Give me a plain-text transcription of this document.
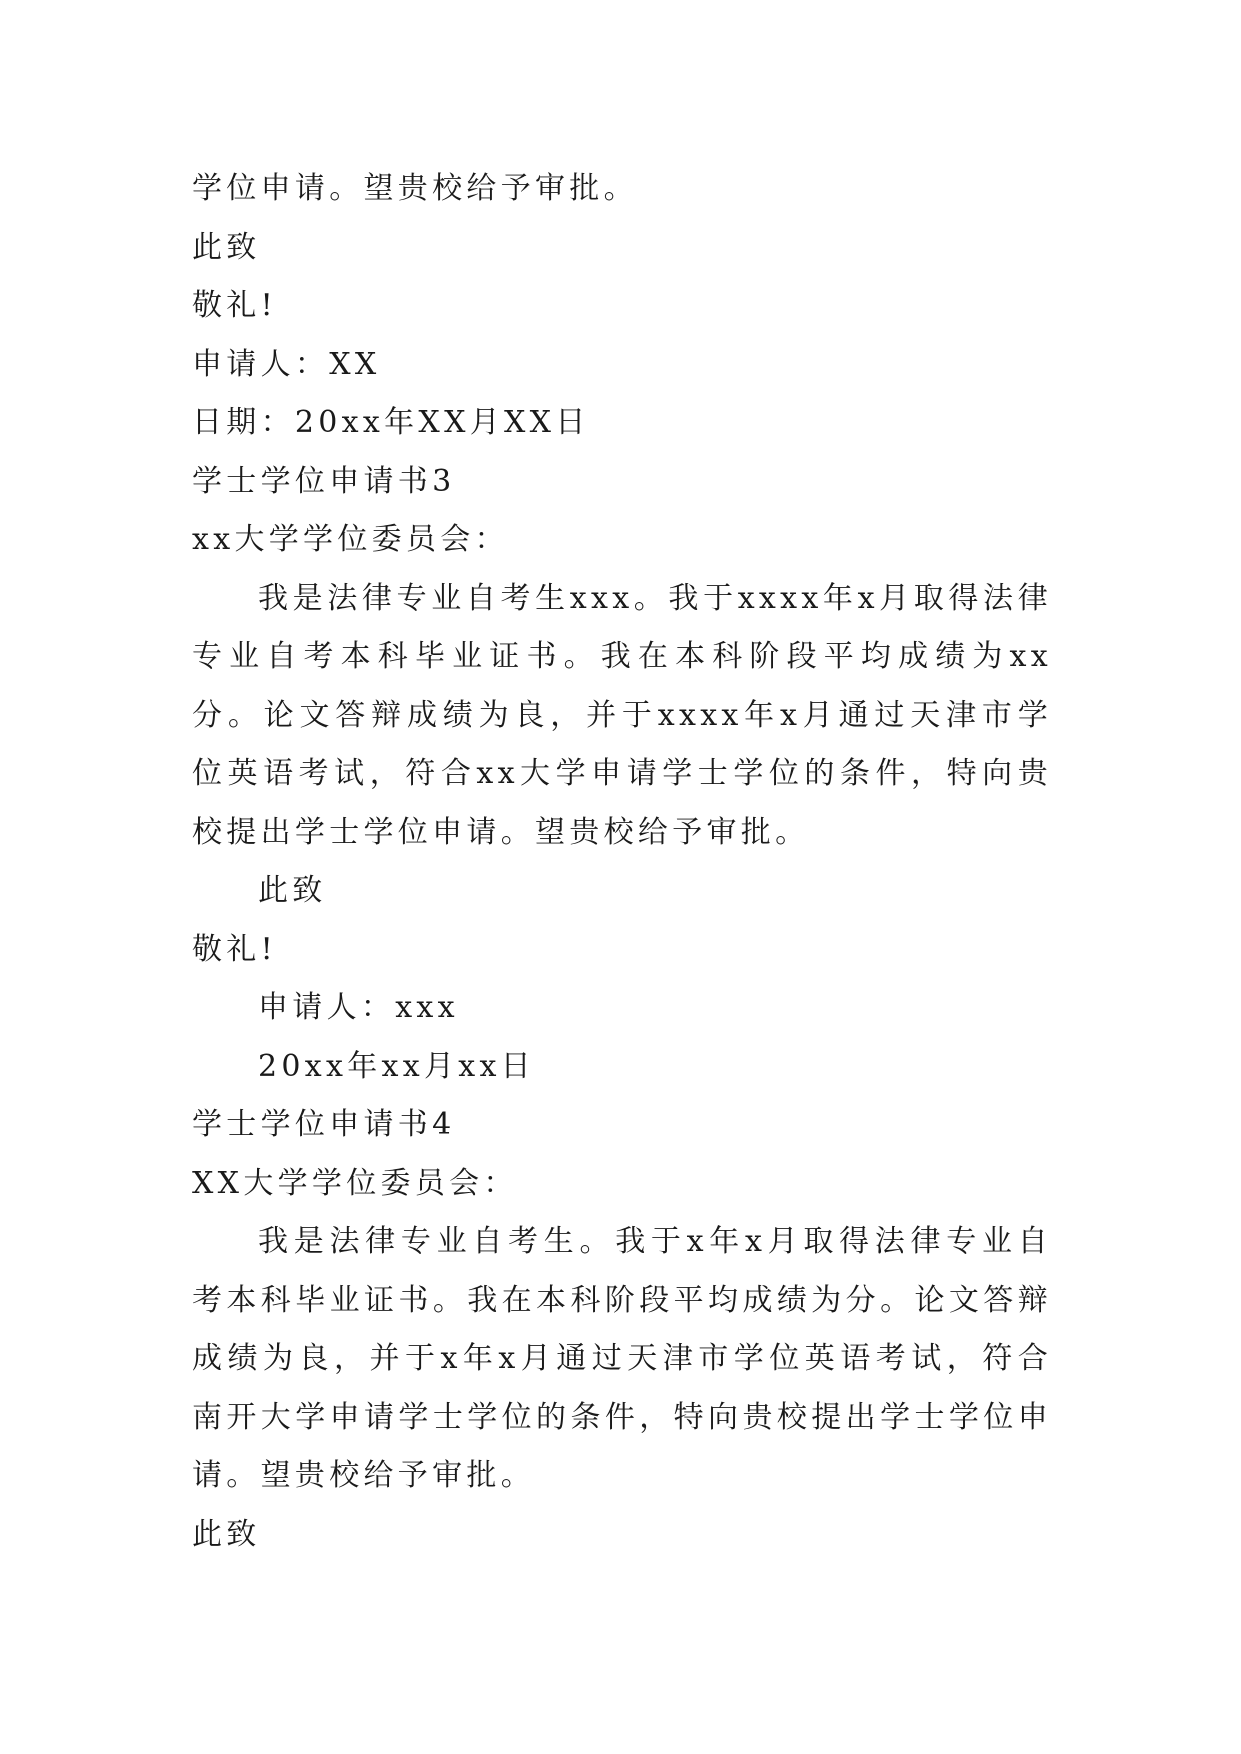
学位申请。望贵校给予审批。
此致
敬礼!
申请人：XX
日期：20xx年XX月XX日
学士学位申请书3
xx大学学位委员会：

我是法律专业自考生xxx。我于xxxx年x月取得法律专业自考本科毕业证书。我在本科阶段平均成绩为xx分。论文答辩成绩为良，并于xxxx年x月通过天津市学位英语考试，符合xx大学申请学士学位的条件，特向贵校提出学士学位申请。望贵校给予审批。

此致
敬礼!
申请人：xxx
20xx年xx月xx日
学士学位申请书4
XX大学学位委员会：

我是法律专业自考生。我于x年x月取得法律专业自考本科毕业证书。我在本科阶段平均成绩为分。论文答辩成绩为良，并于x年x月通过天津市学位英语考试，符合南开大学申请学士学位的条件，特向贵校提出学士学位申请。望贵校给予审批。

此致
